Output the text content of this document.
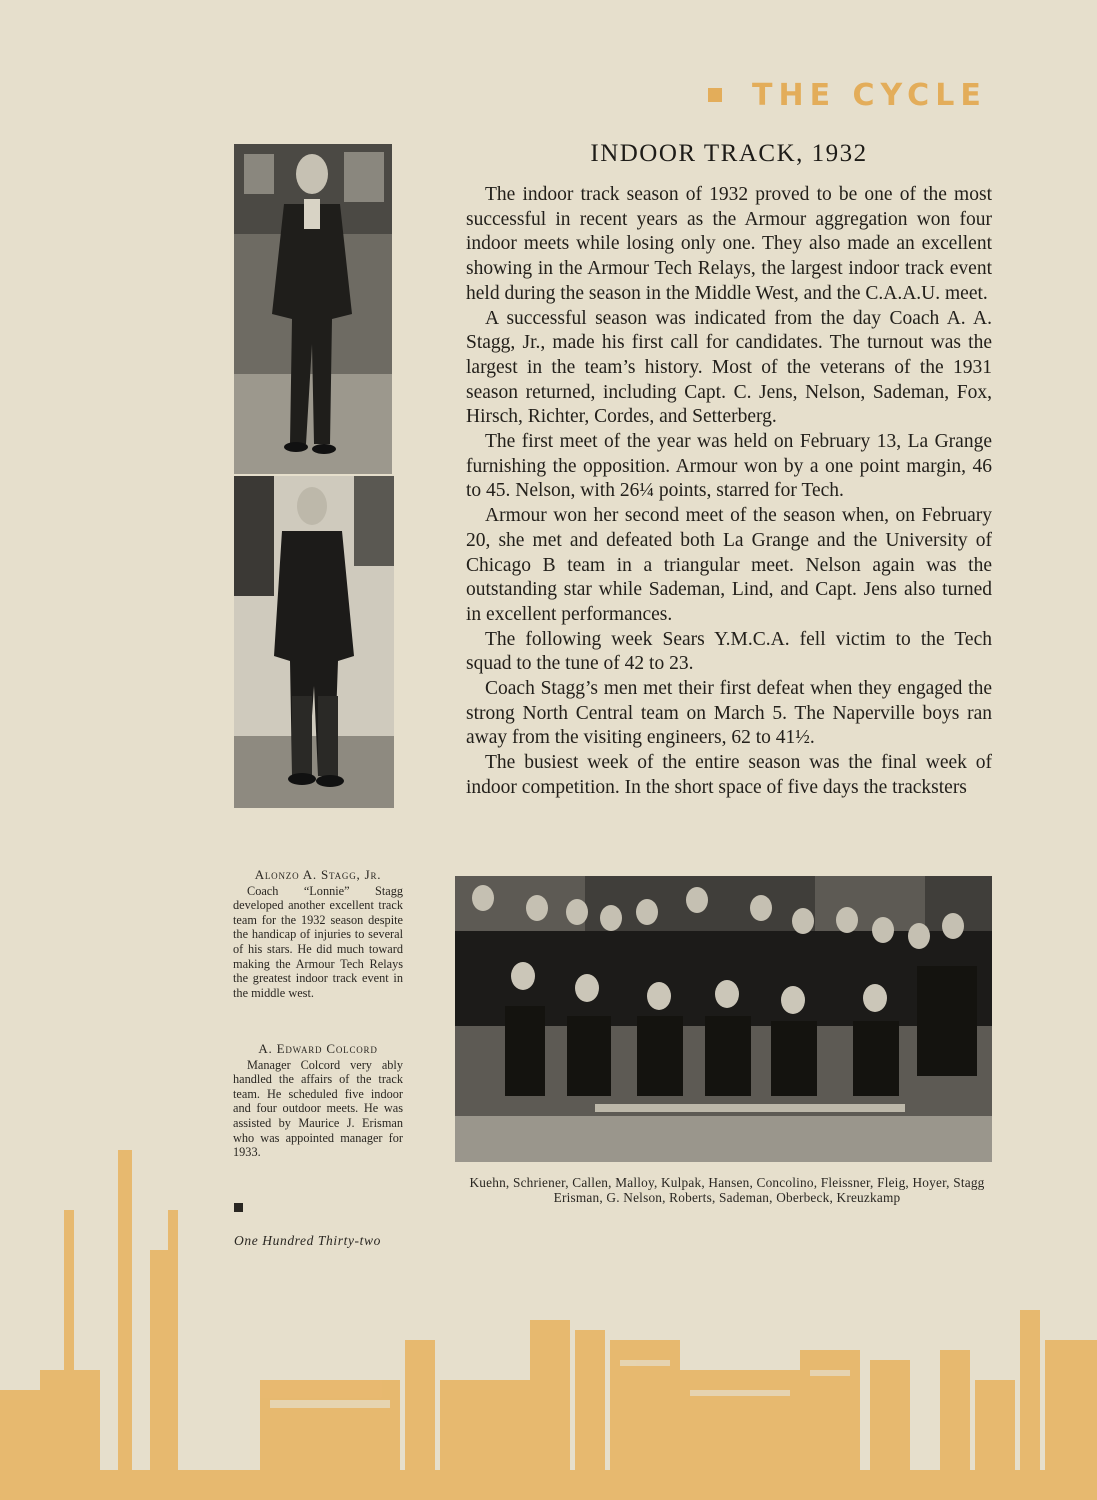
THE CYCLE
INDOOR TRACK, 1932

The indoor track season of 1932 proved to be one of the most successful in recent years as the Armour aggregation won four indoor meets while losing only one. They also made an excellent showing in the Armour Tech Relays, the largest indoor track event held during the season in the Middle West, and the C.A.A.U. meet.

A successful season was indicated from the day Coach A. A. Stagg, Jr., made his first call for candidates. The turnout was the largest in the team’s history. Most of the veterans of the 1931 season returned, including Capt. C. Jens, Nelson, Sademan, Fox, Hirsch, Richter, Cordes, and Setterberg.

The first meet of the year was held on February 13, La Grange furnishing the opposition. Armour won by a one point margin, 46 to 45. Nelson, with 26¼ points, starred for Tech.

Armour won her second meet of the season when, on February 20, she met and defeated both La Grange and the University of Chicago B team in a triangular meet. Nelson again was the outstanding star while Sademan, Lind, and Capt. Jens also turned in excellent performances.

The following week Sears Y.M.C.A. fell victim to the Tech squad to the tune of 42 to 23.

Coach Stagg’s men met their first defeat when they engaged the strong North Central team on March 5. The Naperville boys ran away from the visiting engineers, 62 to 41½.

The busiest week of the entire season was the final week of indoor competition. In the short space of five days the tracksters

Alonzo A. Stagg, Jr.

Coach “Lonnie” Stagg developed another excellent track team for the 1932 season despite the handicap of injuries to several of his stars. He did much toward making the Armour Tech Relays the greatest indoor track event in the middle west.

A. Edward Colcord

Manager Colcord very ably handled the affairs of the track team. He scheduled five indoor and four outdoor meets. He was assisted by Maurice J. Erisman who was appointed manager for 1933.

Kuehn, Schriener, Callen, Malloy, Kulpak, Hansen, Concolino, Fleissner, Fleig, Hoyer, Stagg
Erisman, G. Nelson, Roberts, Sademan, Oberbeck, Kreuzkamp
One Hundred Thirty-two
